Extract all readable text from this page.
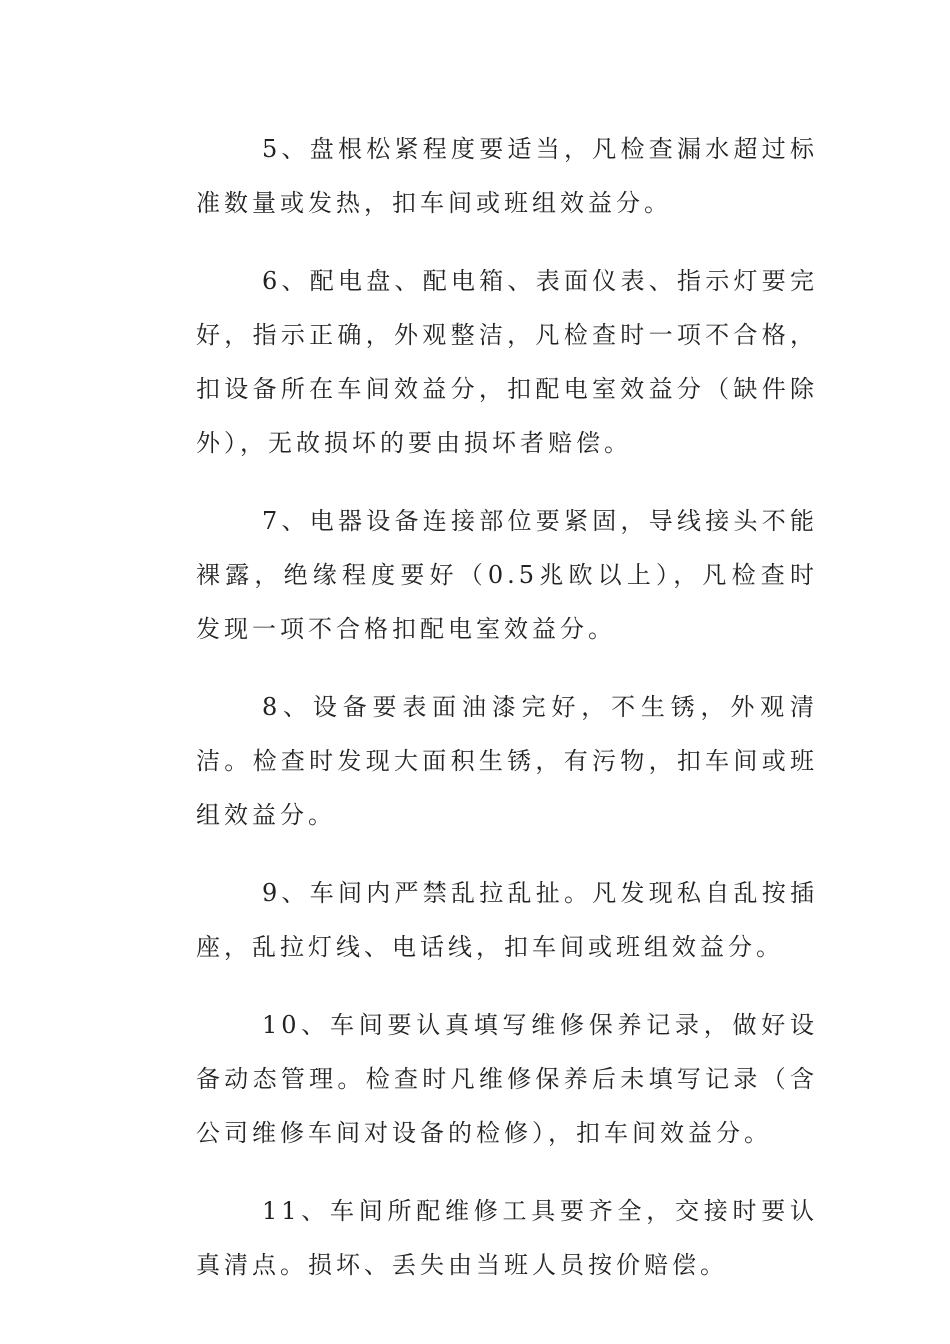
5、盘根松紧程度要适当，凡检查漏水超过标准数量或发热，扣车间或班组效益分。

6、配电盘、配电箱、表面仪表、指示灯要完好，指示正确，外观整洁，凡检查时一项不合格，扣设备所在车间效益分，扣配电室效益分（缺件除外），无故损坏的要由损坏者赔偿。

7、电器设备连接部位要紧固，导线接头不能裸露，绝缘程度要好（0.5兆欧以上），凡检查时发现一项不合格扣配电室效益分。

8、设备要表面油漆完好，不生锈，外观清洁。检查时发现大面积生锈，有污物，扣车间或班组效益分。

9、车间内严禁乱拉乱扯。凡发现私自乱按插座，乱拉灯线、电话线，扣车间或班组效益分。

10、车间要认真填写维修保养记录，做好设备动态管理。检查时凡维修保养后未填写记录（含公司维修车间对设备的检修），扣车间效益分。

11、车间所配维修工具要齐全，交接时要认真清点。损坏、丢失由当班人员按价赔偿。
